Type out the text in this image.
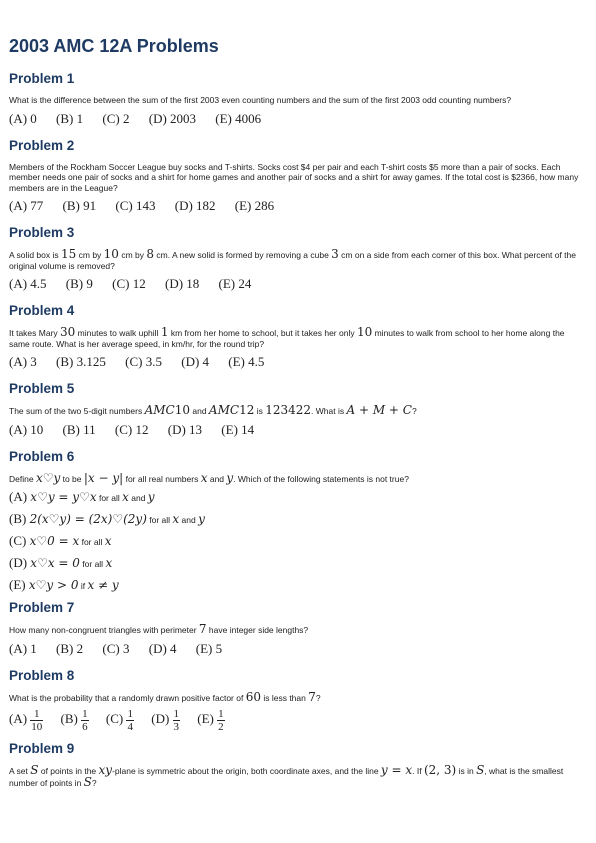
2003 AMC 12A Problems
Problem 1
What is the difference between the sum of the first 2003 even counting numbers and the sum of the first 2003 odd counting numbers?
(A) 0 (B) 1 (C) 2 (D) 2003 (E) 4006
Problem 2
Members of the Rockham Soccer League buy socks and T-shirts. Socks cost $4 per pair and each T-shirt costs $5 more than a pair of socks. Each member needs one pair of socks and a shirt for home games and another pair of socks and a shirt for away games. If the total cost is $2366, how many members are in the League?
(A) 77 (B) 91 (C) 143 (D) 182 (E) 286
Problem 3
A solid box is 15 cm by 10 cm by 8 cm. A new solid is formed by removing a cube 3 cm on a side from each corner of this box. What percent of the original volume is removed?
(A) 4.5 (B) 9 (C) 12 (D) 18 (E) 24
Problem 4
It takes Mary 30 minutes to walk uphill 1 km from her home to school, but it takes her only 10 minutes to walk from school to her home along the same route. What is her average speed, in km/hr, for the round trip?
(A) 3 (B) 3.125 (C) 3.5 (D) 4 (E) 4.5
Problem 5
The sum of the two 5-digit numbers AMC10 and AMC12 is 123422. What is A + M + C?
(A) 10 (B) 11 (C) 12 (D) 13 (E) 14
Problem 6
Define x♡y to be |x − y| for all real numbers x and y. Which of the following statements is not true?
(A) x♡y = y♡x for all x and y
(B) 2(x♡y) = (2x)♡(2y) for all x and y
(C) x♡0 = x for all x
(D) x♡x = 0 for all x
(E) x♡y > 0 if x ≠ y
Problem 7
How many non-congruent triangles with perimeter 7 have integer side lengths?
(A) 1 (B) 2 (C) 3 (D) 4 (E) 5
Problem 8
What is the probability that a randomly drawn positive factor of 60 is less than 7?
$(A) \frac{1}{10} (B) \frac{1}{6} (C) \frac{1}{4} (D) \frac{1}{3} (E) \frac{1}{2}$
Problem 9
A set S of points in the xy-plane is symmetric about the origin, both coordinate axes, and the line y = x. If (2, 3) is in S, what is the smallest number of points in S?
